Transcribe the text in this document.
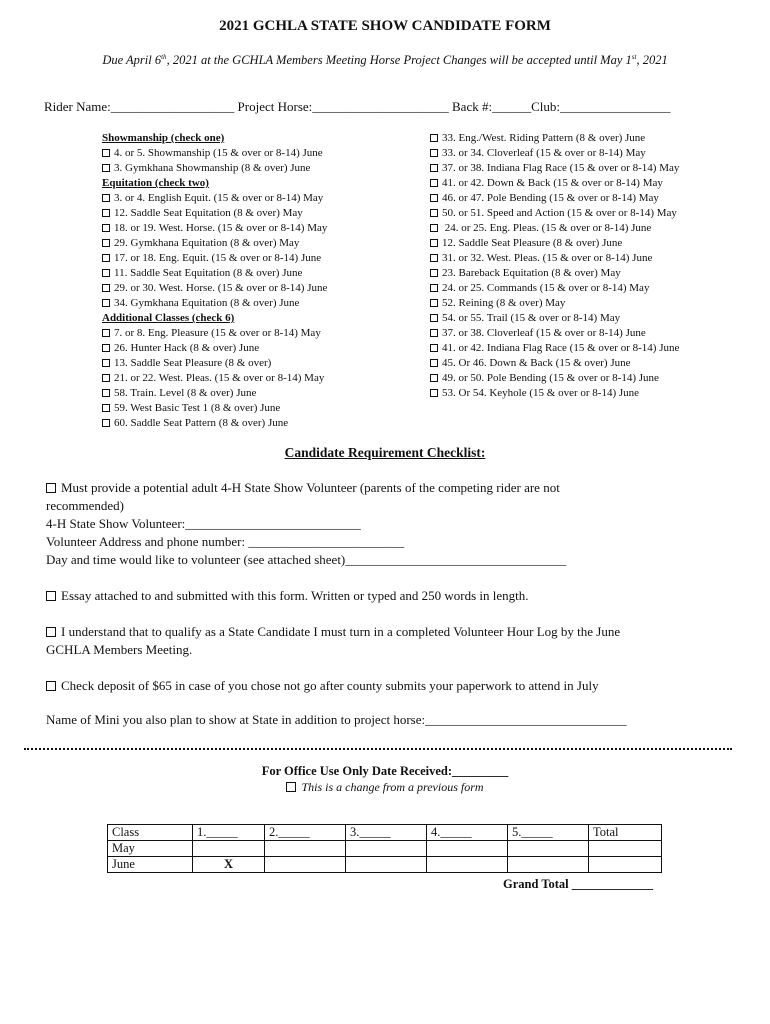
2021 GCHLA STATE SHOW CANDIDATE FORM
Due April 6th, 2021 at the GCHLA Members Meeting Horse Project Changes will be accepted until May 1st, 2021
Rider Name:___________________ Project Horse:_____________________ Back #:______Club:_________________
Showmanship (check one)
4. or 5. Showmanship (15 & over or 8-14) June
3. Gymkhana Showmanship (8 & over) June
Equitation (check two)
3. or 4. English Equit. (15 & over or 8-14) May
12. Saddle Seat Equitation (8 & over) May
18. or 19. West. Horse. (15 & over or 8-14) May
29. Gymkhana Equitation (8 & over) May
17. or 18. Eng. Equit. (15 & over or 8-14) June
11. Saddle Seat Equitation (8 & over) June
29. or 30. West. Horse. (15 & over or 8-14) June
34. Gymkhana Equitation (8 & over) June
Additional Classes (check 6)
7. or 8. Eng. Pleasure (15 & over or 8-14) May
26. Hunter Hack (8 & over) June
13. Saddle Seat Pleasure (8 & over)
21. or 22. West. Pleas. (15 & over or 8-14) May
58. Train. Level (8 & over) June
59. West Basic Test 1 (8 & over) June
60. Saddle Seat Pattern (8 & over) June
33. Eng./West. Riding Pattern (8 & over) June
33. or 34. Cloverleaf (15 & over or 8-14) May
37. or 38. Indiana Flag Race (15 & over or 8-14) May
41. or 42. Down & Back (15 & over or 8-14) May
46. or 47. Pole Bending (15 & over or 8-14) May
50. or 51. Speed and Action (15 & over or 8-14) May
24. or 25. Eng. Pleas. (15 & over or 8-14) June
12. Saddle Seat Pleasure (8 & over) June
31. or 32. West. Pleas. (15 & over or 8-14) June
23. Bareback Equitation (8 & over) May
24. or 25. Commands (15 & over or 8-14) May
52. Reining (8 & over) May
54. or 55. Trail (15 & over or 8-14) May
37. or 38. Cloverleaf (15 & over or 8-14) June
41. or 42. Indiana Flag Race (15 & over or 8-14) June
45. Or 46. Down & Back (15 & over) June
49. or 50. Pole Bending (15 & over or 8-14) June
53. Or 54. Keyhole (15 & over or 8-14) June
Candidate Requirement Checklist:
Must provide a potential adult 4-H State Show Volunteer (parents of the competing rider are not
recommended)
4-H State Show Volunteer:___________________________
Volunteer Address and phone number: ________________________
Day and time would like to volunteer (see attached sheet)__________________________________
Essay attached to and submitted with this form. Written or typed and 250 words in length.
I understand that to qualify as a State Candidate I must turn in a completed Volunteer Hour Log by the June
GCHLA Members Meeting.
Check deposit of $65 in case of you chose not go after county submits your paperwork to attend in July
Name of Mini you also plan to show at State in addition to project horse:_______________________________
For Office Use Only Date Received:_________
This is a change from a previous form
Class	1._____	2._____	3._____	4._____	5._____	Total
May						
June	X					
Grand Total _____________
